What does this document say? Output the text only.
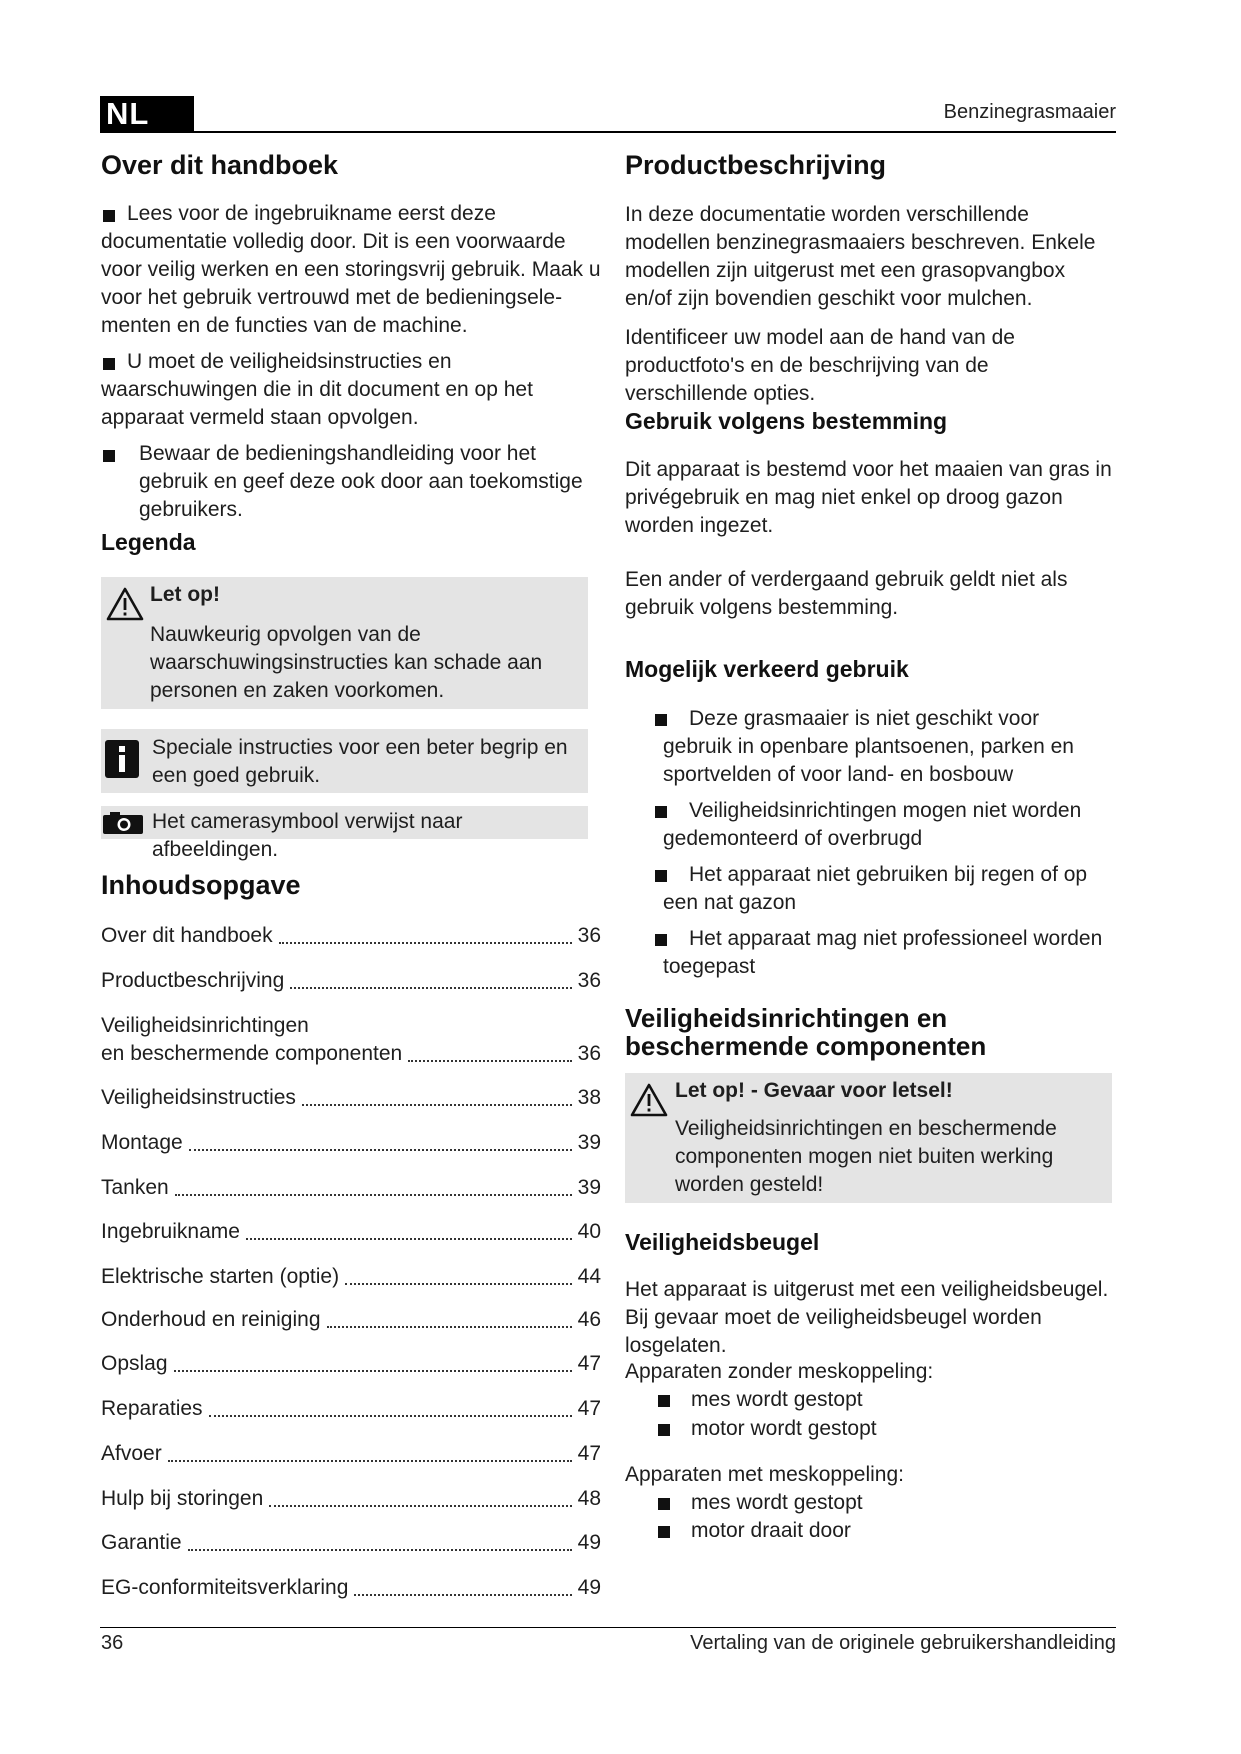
NL	Benzinegrasmaaier
Over dit handboek
Lees voor de ingebruikname eerst deze documentatie volledig door. Dit is een voorwaarde voor veilig werken en een storingsvrij gebruik. Maak u voor het gebruik vertrouwd met de bedieningsele-menten en de functies van de machine.
U moet de veiligheidsinstructies en waarschuwingen die in dit document en op het apparaat vermeld staan opvolgen.
Bewaar de bedieningshandleiding voor het gebruik en geef deze ook door aan toekomstige gebruikers.
Legenda
Let op!

Nauwkeurig opvolgen van de waarschuwingsinstructies kan schade aan personen en zaken voorkomen.

Speciale instructies voor een beter begrip en een goed gebruik.

Het camerasymbool verwijst naar afbeeldingen.

Inhoudsopgave
Over dit handboek	36
Productbeschrijving	36
Veiligheidsinrichtingen
en beschermende componenten	36
Veiligheidsinstructies	38
Montage	39
Tanken	39
Ingebruikname	40
Elektrische starten (optie)	44
Onderhoud en reiniging	46
Opslag	47
Reparaties	47
Afvoer	47
Hulp bij storingen	48
Garantie	49
EG-conformiteitsverklaring	49
Productbeschrijving

In deze documentatie worden verschillende modellen benzinegrasmaaiers beschreven. Enkele modellen zijn uitgerust met een grasopvangbox en/of zijn bovendien geschikt voor mulchen.

Identificeer uw model aan de hand van de productfoto's en de beschrijving van de verschillende opties.

Gebruik volgens bestemming

Dit apparaat is bestemd voor het maaien van gras in privégebruik en mag niet enkel op droog gazon worden ingezet.

Een ander of verdergaand gebruik geldt niet als gebruik volgens bestemming.

Mogelijk verkeerd gebruik
Deze grasmaaier is niet geschikt voor gebruik in openbare plantsoenen, parken en sportvelden of voor land- en bosbouw
Veiligheidsinrichtingen mogen niet worden gedemonteerd of overbrugd
Het apparaat niet gebruiken bij regen of op een nat gazon
Het apparaat mag niet professioneel worden toegepast
Veiligheidsinrichtingen en beschermende componenten
Let op! - Gevaar voor letsel!

Veiligheidsinrichtingen en beschermende componenten mogen niet buiten werking worden gesteld!

Veiligheidsbeugel

Het apparaat is uitgerust met een veiligheidsbeugel. Bij gevaar moet de veiligheidsbeugel worden losgelaten.

Apparaten zonder meskoppeling:

mes wordt gestopt
motor wordt gestopt

Apparaten met meskoppeling:

mes wordt gestopt
motor draait door
36	Vertaling van de originele gebruikershandleiding
